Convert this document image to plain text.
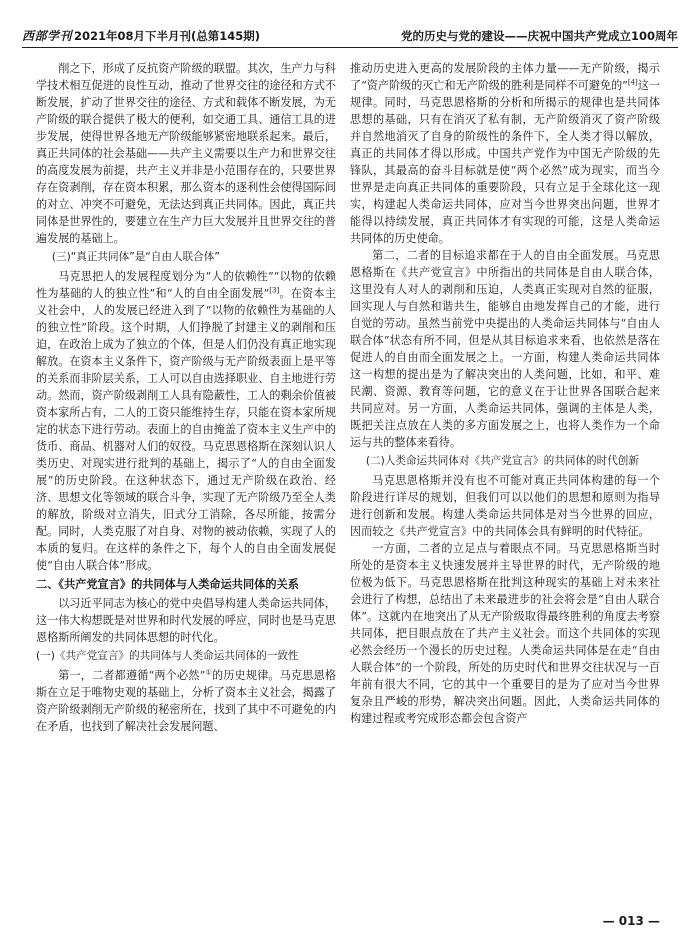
西部学刊 2021年08月下半月刊(总第145期)	党的历史与党的建设——庆祝中国共产党成立100周年

削之下，形成了反抗资产阶级的联盟。其次，生产力与科学技术相互促进的良性互动，推动了世界交往的途径和方式不断发展，扩动了世界交往的途径、方式和载体不断发展，为无产阶级的联合提供了极大的便利，如交通工具、通信工具的进步发展，使得世界各地无产阶级能够紧密地联系起来。最后，真正共同体的社会基础——共产主义需要以生产力和世界交往的高度发展为前提，共产主义并非是小范围存在的，只要世界存在资剥削，存在资本积累，那么资本的逐利性会使得国际间的对立、冲突不可避免，无法达到真正共同体。因此，真正共同体是世界性的，要建立在生产力巨大发展并且世界交往的普遍发展的基础上。

(三)“真正共同体”是“自由人联合体”

马克思把人的发展程度划分为“人的依赖性”“以物的依赖性为基础的人的独立性”和“人的自由全面发展”[3]。在资本主义社会中，人的发展已经进入到了“以物的依赖性为基础的人的独立性”阶段。这个时期，人们挣脱了封建主义的剥削和压迫，在政治上成为了独立的个体，但是人们仍没有真正地实现解放。在资本主义条件下，资产阶级与无产阶级表面上是平等的关系而非阶层关系，工人可以自由选择职业、自主地进行劳动。然而，资产阶级剥削工人具有隐蔽性，工人的剩余价值被资本家所占有，二人的工资只能维持生存，只能在资本家所规定的状态下进行劳动。表面上的自由掩盖了资本主义生产中的货币、商品、机器对人们的奴役。马克思恩格斯在深刻认识人类历史、对现实进行批判的基础上，揭示了“人的自由全面发展”的历史阶段。在这种状态下，通过无产阶级在政治、经济、思想文化等领域的联合斗争，实现了无产阶级乃至全人类的解放，阶级对立消失，旧式分工消除，各尽所能，按需分配。同时，人类克服了对自身、对物的被动依赖，实现了人的本质的复归。在这样的条件之下，每个人的自由全面发展促使“自由人联合体”形成。

二、《共产党宣言》的共同体与人类命运共同体的关系

以习近平同志为核心的党中央倡导构建人类命运共同体，这一伟大构想既是对世界和时代发展的呼应，同时也是马克思恩格斯所阐发的共同体思想的时代化。

(一)《共产党宣言》的共同体与人类命运共同体的一致性

第一，二者都遵循“两个必然”①的历史规律。马克思恩格斯在立足于唯物史观的基础上，分析了资本主义社会，揭露了资产阶级剥削无产阶级的秘密所在，找到了其中不可避免的内在矛盾，也找到了解决社会发展问题、

推动历史进入更高的发展阶段的主体力量——无产阶级，揭示了“资产阶级的灭亡和无产阶级的胜利是同样不可避免的”[4]这一规律。同时，马克思恩格斯的分析和所揭示的规律也是共同体思想的基础，只有在消灭了私有制，无产阶级消灭了资产阶级并自然地消灭了自身的阶级性的条件下，全人类才得以解放，真正的共同体才得以形成。中国共产党作为中国无产阶级的先锋队，其最高的奋斗目标就是使“两个必然”成为现实，而当今世界是走向真正共同体的重要阶段，只有立足于全球化这一现实，构建起人类命运共同体，应对当今世界突出问题，世界才能得以持续发展，真正共同体才有实现的可能，这是人类命运共同体的历史使命。

第二，二者的目标追求都在于人的自由全面发展。马克思恩格斯在《共产党宣言》中所指出的共同体是自由人联合体，这里没有人对人的剥削和压迫，人类真正实现对自然的征服，回实现人与自然和谐共生，能够自由地发挥自己的才能，进行自觉的劳动。虽然当前党中央提出的人类命运共同体与“自由人联合体”状态有所不同，但是从其目标追求来看，也依然是落在促进人的自由而全面发展之上。一方面，构建人类命运共同体这一构想的提出是为了解决突出的人类问题，比如，和平、难民潮、资源、教育等问题，它的意义在于让世界各国联合起来共同应对。另一方面，人类命运共同体，强调的主体是人类，既把关注点放在人类的多方面发展之上，也将人类作为一个命运与共的整体来看待。

(二)人类命运共同体对《共产党宣言》的共同体的时代创新

马克思恩格斯并没有也不可能对真正共同体构建的每一个阶段进行详尽的规划，但我们可以以他们的思想和原则为指导进行创新和发展。构建人类命运共同体是对当今世界的回应，因而较之《共产党宣言》中的共同体会具有鲜明的时代特征。

一方面，二者的立足点与着眼点不同。马克思恩格斯当时所处的是资本主义快速发展并主导世界的时代，无产阶级的地位极为低下。马克思恩格斯在批判这种现实的基础上对未来社会进行了构想，总结出了未来最进步的社会将会是“自由人联合体”。这就内在地突出了从无产阶级取得最终胜利的角度去考察共同体，把目眼点放在了共产主义社会。而这个共同体的实现必然会经历一个漫长的历史过程。人类命运共同体是在走“自由人联合体”的一个阶段，所处的历史时代和世界交往状况与一百年前有很大不同，它的其中一个重要目的是为了应对当今世界复杂且严峻的形势，解决突出问题。因此，人类命运共同体的构建过程或考究成形态都会包含资产

— 013 —
